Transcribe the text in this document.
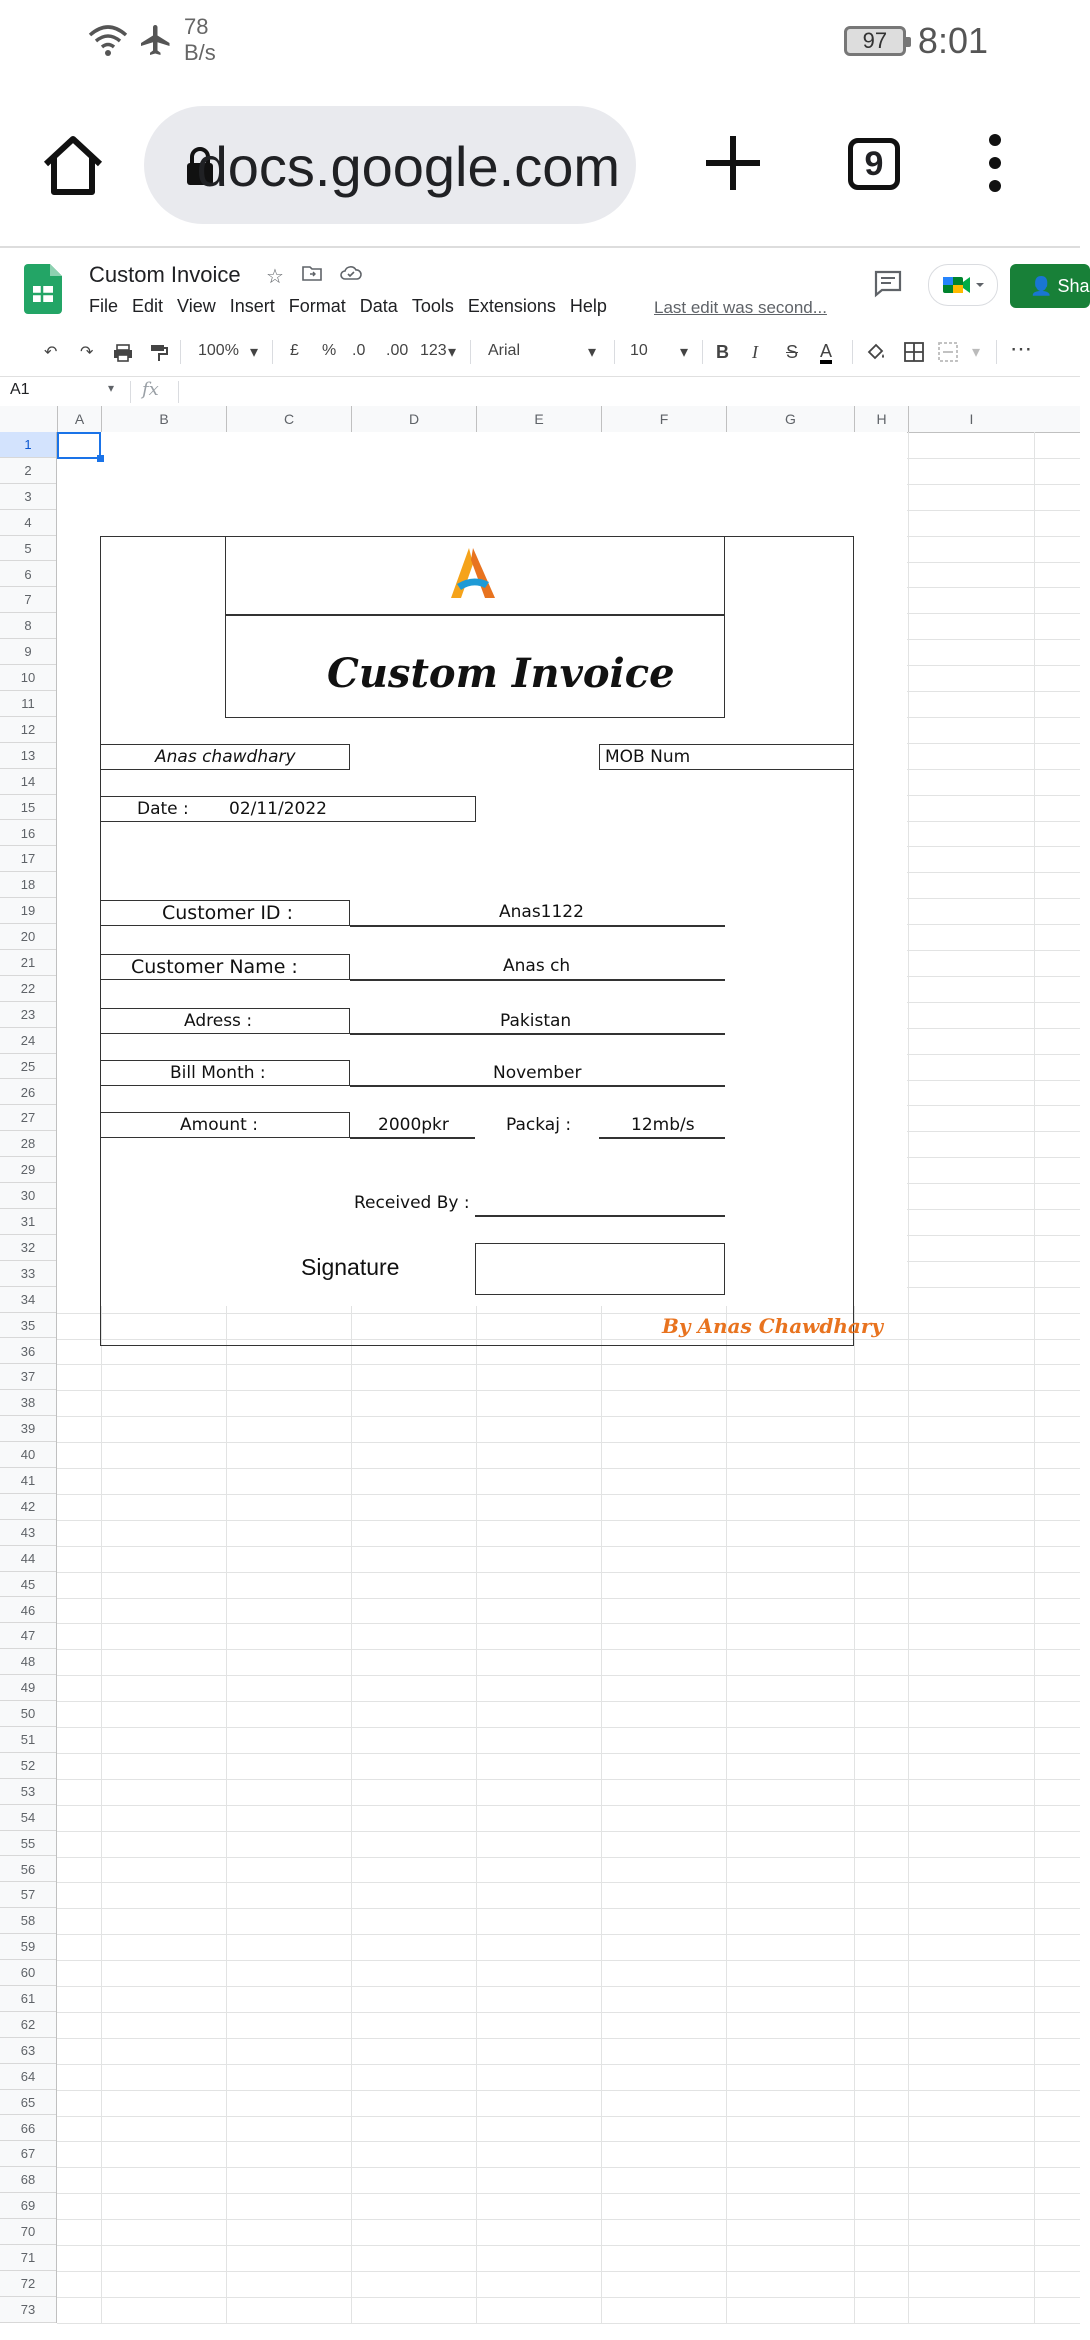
78
B/s	97 8:01
docs.google.com	9
Custom Invoice ☆
File Edit View Insert Format Data Tools Extensions Help	Last edit was second...
👤 Sha
↶ ↷	100% ▾ £ % .0 .00 123 ▾ Arial	▾ 10 ▾ B I S A	▾ ⋯
A1	▾ fx
A	B	C	D	E	F	G	H	I
1
2
3
4
5
6
7
8
9
10
11
12
13
14
15
16
17
18
19
20
21
22
23
24
25
26
27
28
29
30
31
32
33
34
35
36
37
38
39
40
41
42
43
44
45
46
47
48
49
50
51
52
53
54
55
56
57
58
59
60
61
62
63
64
65
66
67
68
69
70
71
72
73
Custom Invoice
Anas chawdhary	MOB Num
Date : 02/11/2022
Customer ID :	Anas1122
Customer Name :	Anas ch
Adress :	Pakistan
Bill Month :	November
Amount :	2000pkr	Packaj :	12mb/s
Received By :
Signature
By Anas Chawdhary
